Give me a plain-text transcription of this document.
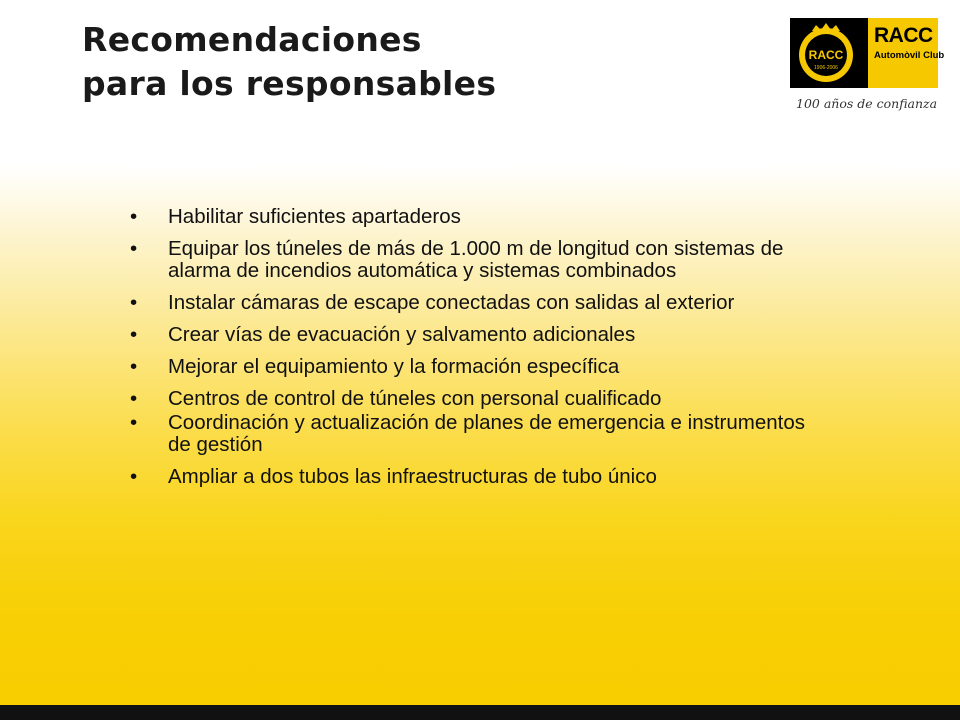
Recomendaciones
para los responsables
RACC
1906-2006
RACC
Automòvil Club
100 años de confianza
• Habilitar suficientes apartaderos
• Equipar los túneles de más de 1.000 m de longitud con sistemas de alarma de incendios automática y sistemas combinados
• Instalar cámaras de escape conectadas con salidas al exterior
• Crear vías de evacuación y salvamento adicionales
• Mejorar el equipamiento y la formación específica
• Centros de control de túneles con personal cualificado
• Coordinación y actualización de planes de emergencia e instrumentos de gestión
• Ampliar a dos tubos las infraestructuras de tubo único
